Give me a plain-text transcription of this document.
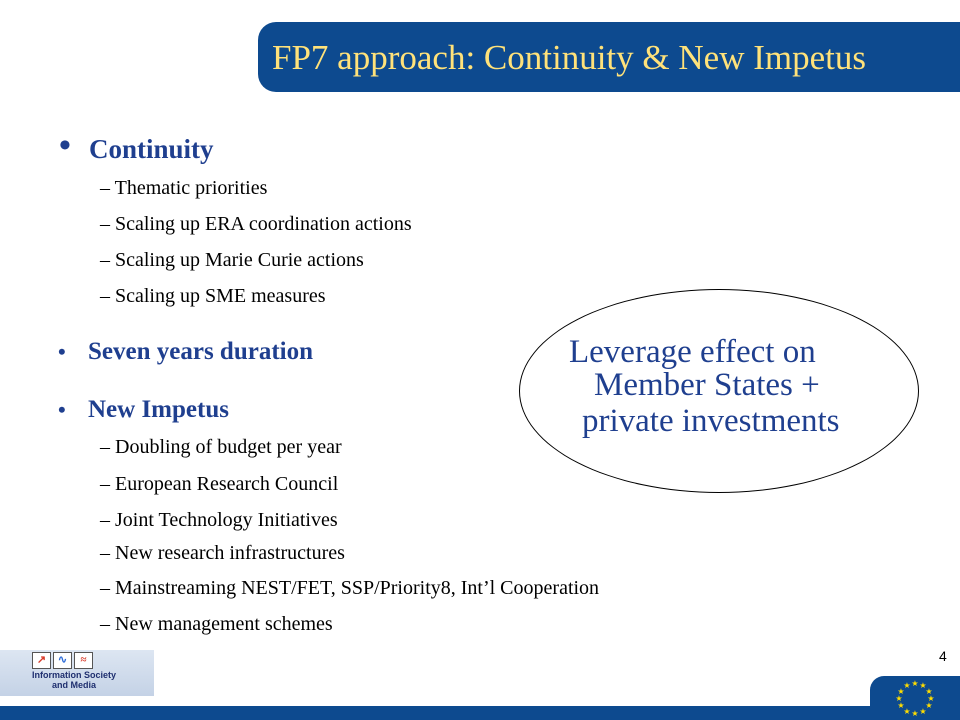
FP7 approach: Continuity & New Impetus
• Continuity
– Thematic priorities
– Scaling up ERA coordination actions
– Scaling up Marie Curie actions
– Scaling up SME measures
• Seven years duration
• New Impetus
– Doubling of budget per year
– European Research Council
– Joint Technology Initiatives
– New research infrastructures
– Mainstreaming NEST/FET, SSP/Priority8, Int’l Cooperation
– New management schemes
Leverage effect on
Member States +
private investments
↗	∿	≈
Information Society
and Media
4
★ ★
★
★
★
★
★
★
★
★
★
★
